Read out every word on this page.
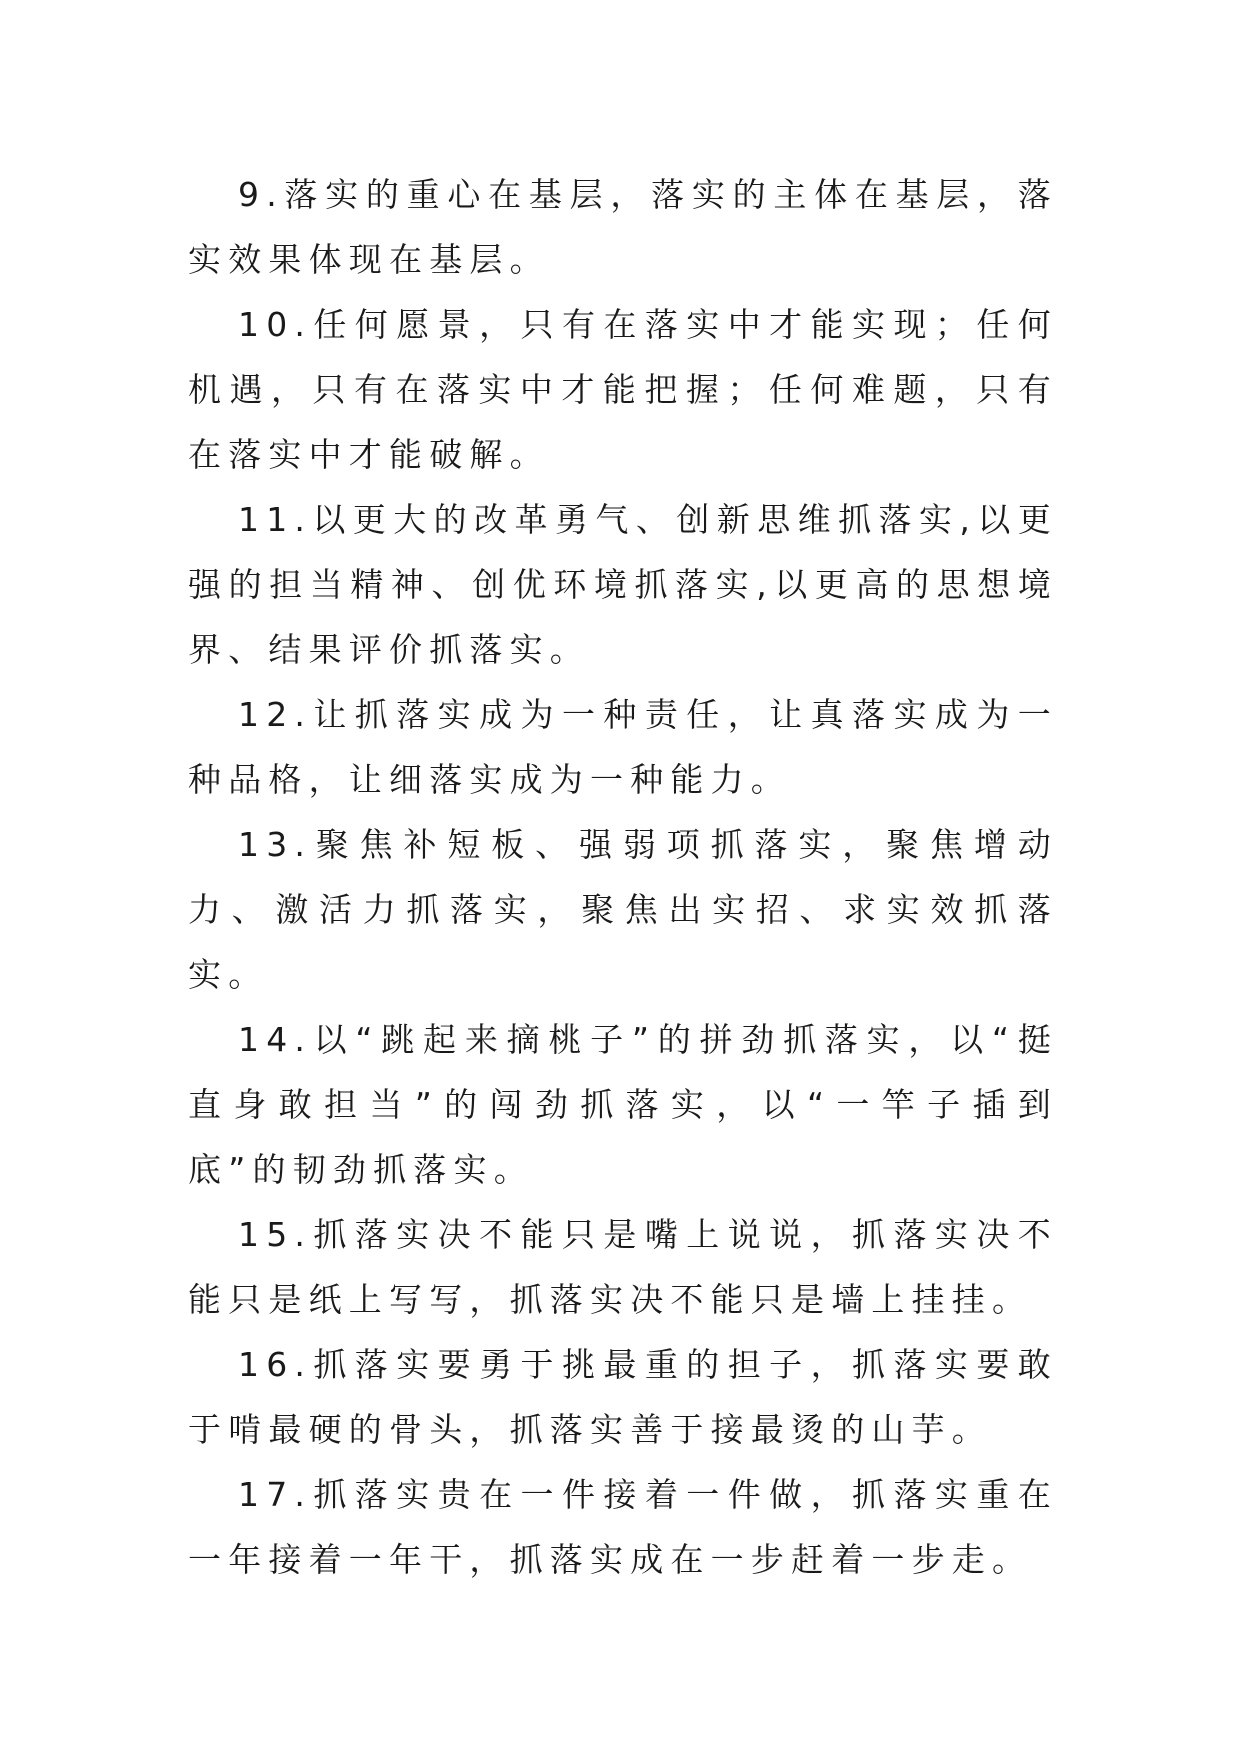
9.落实的重心在基层，落实的主体在基层，落实效果体现在基层。

10.任何愿景，只有在落实中才能实现；任何机遇，只有在落实中才能把握；任何难题，只有在落实中才能破解。

11.以更大的改革勇气、创新思维抓落实,以更强的担当精神、创优环境抓落实,以更高的思想境界、结果评价抓落实。

12.让抓落实成为一种责任，让真落实成为一种品格，让细落实成为一种能力。

13.聚焦补短板、强弱项抓落实，聚焦增动力、激活力抓落实，聚焦出实招、求实效抓落实。

14.以“跳起来摘桃子”的拼劲抓落实，以“挺直身敢担当”的闯劲抓落实，以“一竿子插到底”的韧劲抓落实。

15.抓落实决不能只是嘴上说说，抓落实决不能只是纸上写写，抓落实决不能只是墙上挂挂。

16.抓落实要勇于挑最重的担子，抓落实要敢于啃最硬的骨头，抓落实善于接最烫的山芋。

17.抓落实贵在一件接着一件做，抓落实重在一年接着一年干，抓落实成在一步赶着一步走。
